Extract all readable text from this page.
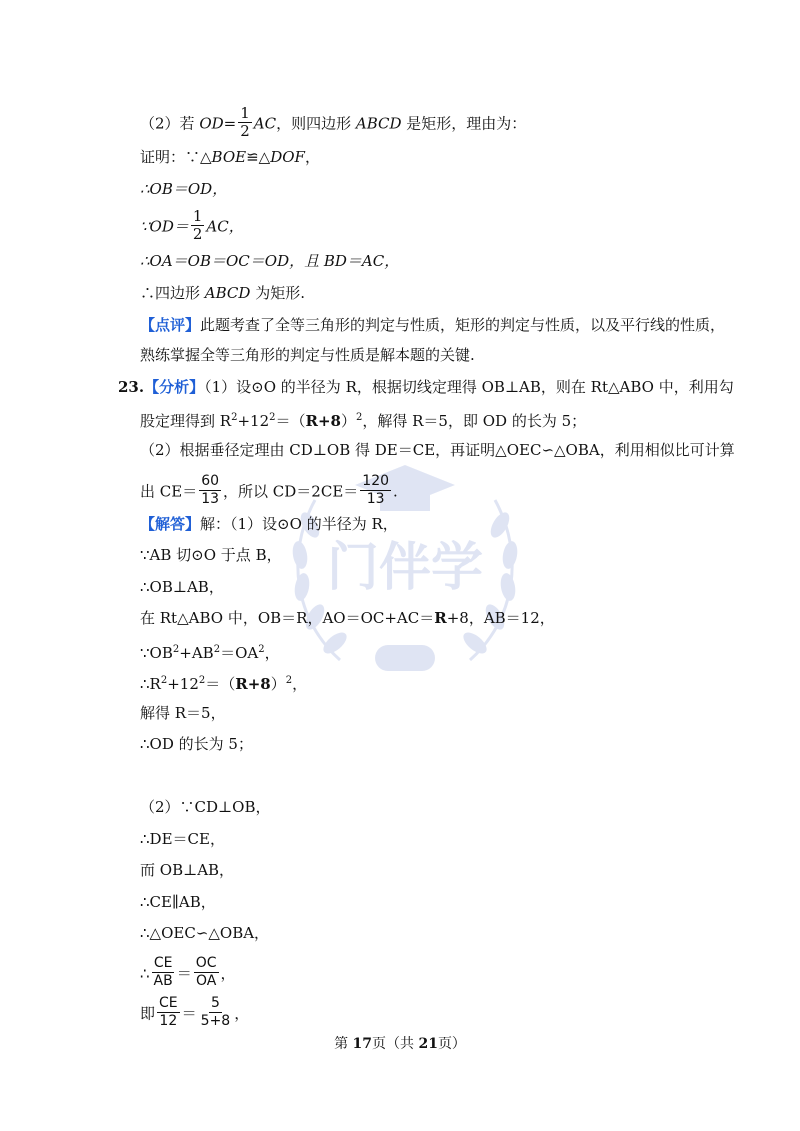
门伴学
（2）若 $OD= \frac{1}{2}$ AC，则四边形 ABCD 是矩形，理由为：
证明：∵△BOE≌△DOF，
∴OB＝OD，
∵OD＝ $\frac{1}{2}$ AC，
∴OA＝OB＝OC＝OD，且 BD＝AC，
∴四边形 ABCD 为矩形.
【点评】此题考查了全等三角形的判定与性质，矩形的判定与性质，以及平行线的性质，
熟练掌握全等三角形的判定与性质是解本题的关键.
23.【分析】（1）设⊙O 的半径为 R，根据切线定理得 OB⊥AB，则在 Rt△ABO 中，利用勾
股定理得到 $R^2+12^2=(R+8)^2$，解得 R＝5，即 OD 的长为 5；
（2）根据垂径定理由 CD⊥OB 得 DE＝CE，再证明△OEC∽△OBA，利用相似比可计算
出 $CE= \frac{60}{13}$ ，所以 $CD=2CE= \frac{120}{13}$ .
【解答】解：（1）设⊙O 的半径为 R，
∵AB 切⊙O 于点 B，
∴OB⊥AB，
在 Rt△ABO 中，OB＝R，AO＝OC+AC＝R+8，AB＝12，
$\because OB^2+AB^2=OA^2$，
$\therefore R^2+12^2=(R+8)^2$，
解得 R＝5，
∴OD 的长为 5；
（2）∵CD⊥OB，
∴DE＝CE，
而 OB⊥AB，
∴CE∥AB，
∴△OEC∽△OBA，
∴ $\frac{CE}{AB} = \frac{OC}{OA}$ ，
即 $\frac{CE}{12} = \frac{5}{5+8}$ ，
第 17页（共 21页）
